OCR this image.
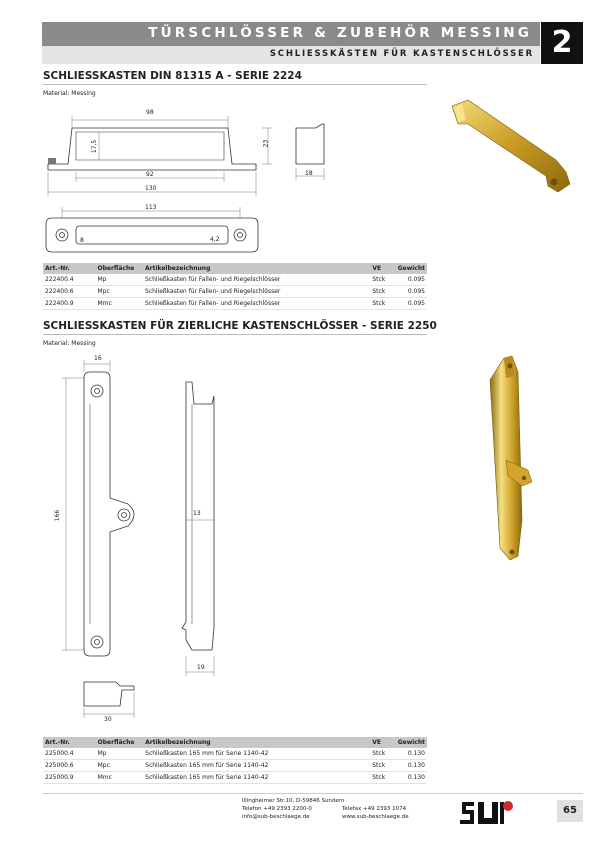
TÜRSCHLÖSSER & ZUBEHÖR MESSING
SCHLIESSKÄSTEN FÜR KASTENSCHLÖSSER 2
SCHLIESSKASTEN DIN 81315 A - SERIE 2224
Material: Messing
98
92
130
113
17,5	23
18
8	4,2
Art.-Nr.	Oberfläche	Artikelbezeichnung	VE	Gewicht
222400.4	Mp	Schließkasten für Fallen- und Riegelschlösser	Stck	0.095
222400.6	Mpc	Schließkasten für Fallen- und Riegelschlösser	Stck	0.095
222400.9	Mmc	Schließkasten für Fallen- und Riegelschlösser	Stck	0.095
SCHLIESSKASTEN FÜR ZIERLICHE KASTENSCHLÖSSER - SERIE 2250
Material: Messing
16
166	13
19
30
Art.-Nr.	Oberfläche	Artikelbezeichnung	VE	Gewicht
225000.4	Mp	Schließkasten 165 mm für Serie 1140-42	Stck	0.130
225000.6	Mpc	Schließkasten 165 mm für Serie 1140-42	Stck	0.130
225000.9	Mmc	Schließkasten 165 mm für Serie 1140-42	Stck	0.130
Illingheimer Str.10, D-59846 Sundern
Telefon +49 2393 2200-0	Telefax +49 2393 1074
info@sub-beschlaege.de	www.sub-beschlaege.de
65
